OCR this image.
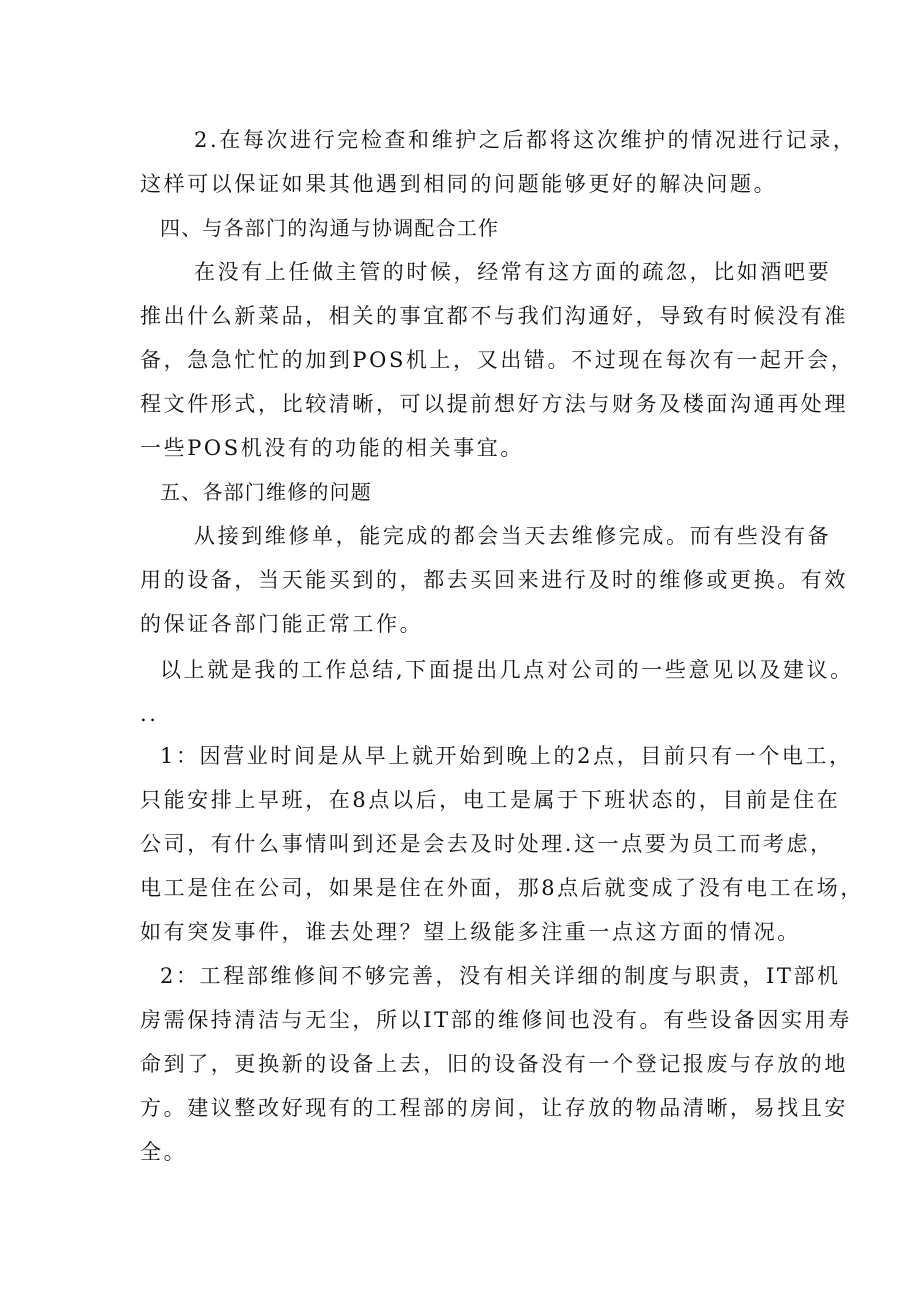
2.在每次进行完检查和维护之后都将这次维护的情况进行记录，

这样可以保证如果其他遇到相同的问题能够更好的解决问题。

四、与各部门的沟通与协调配合工作

在没有上任做主管的时候，经常有这方面的疏忽，比如酒吧要

推出什么新菜品，相关的事宜都不与我们沟通好，导致有时候没有准

备，急急忙忙的加到POS机上，又出错。不过现在每次有一起开会，

程文件形式，比较清晰，可以提前想好方法与财务及楼面沟通再处理

一些POS机没有的功能的相关事宜。

五、各部门维修的问题

从接到维修单，能完成的都会当天去维修完成。而有些没有备

用的设备，当天能买到的，都去买回来进行及时的维修或更换。有效

的保证各部门能正常工作。

以上就是我的工作总结,下面提出几点对公司的一些意见以及建议。

..

1：因营业时间是从早上就开始到晚上的2点，目前只有一个电工，

只能安排上早班，在8点以后，电工是属于下班状态的，目前是住在

公司，有什么事情叫到还是会去及时处理.这一点要为员工而考虑，

电工是住在公司，如果是住在外面，那8点后就变成了没有电工在场，

如有突发事件，谁去处理？望上级能多注重一点这方面的情况。

2：工程部维修间不够完善，没有相关详细的制度与职责，IT部机

房需保持清洁与无尘，所以IT部的维修间也没有。有些设备因实用寿

命到了，更换新的设备上去，旧的设备没有一个登记报废与存放的地

方。建议整改好现有的工程部的房间，让存放的物品清晰，易找且安

全。
